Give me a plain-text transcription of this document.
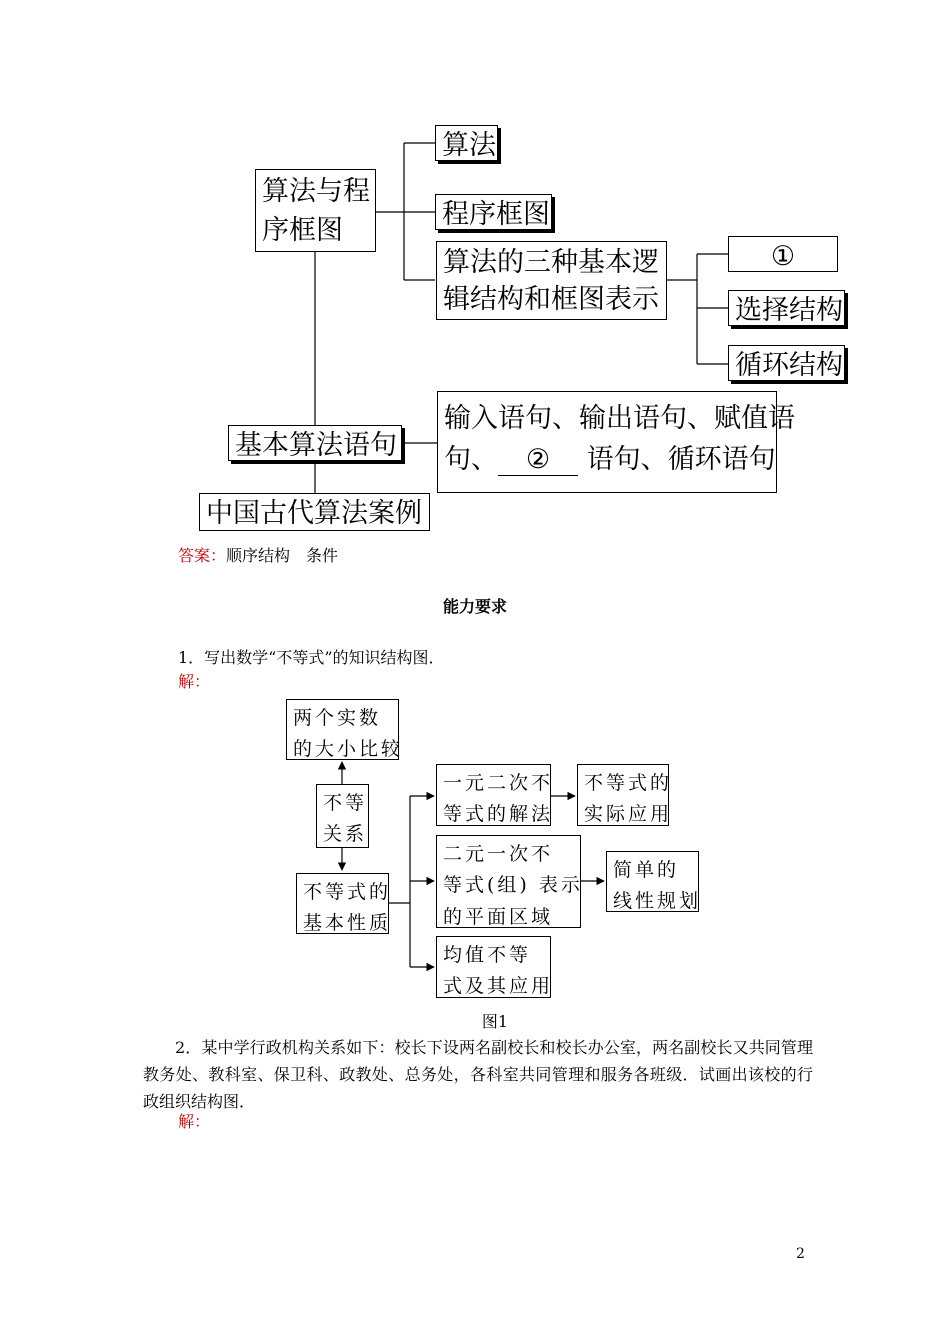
算法与程
序框图
算法
程序框图
算法的三种基本逻
辑结构和框图表示
①
选择结构
循环结构
基本算法语句
输入语句、输出语句、赋值语
句、 ② 语句、循环语句
中国古代算法案例
答案：顺序结构　条件
能力要求
1．写出数学“不等式”的知识结构图．
解：
两个实数
的大小比较
不等
关系
不等式的
基本性质
一元二次不
等式的解法
不等式的
实际应用
二元一次不
等式(组) 表示
的平面区域
简单的
线性规划
均值不等
式及其应用
图1
2．某中学行政机构关系如下：校长下设两名副校长和校长办公室，两名副校长又共同管理教务处、教科室、保卫科、政教处、总务处，各科室共同管理和服务各班级．试画出该校的行政组织结构图．
解：
2
